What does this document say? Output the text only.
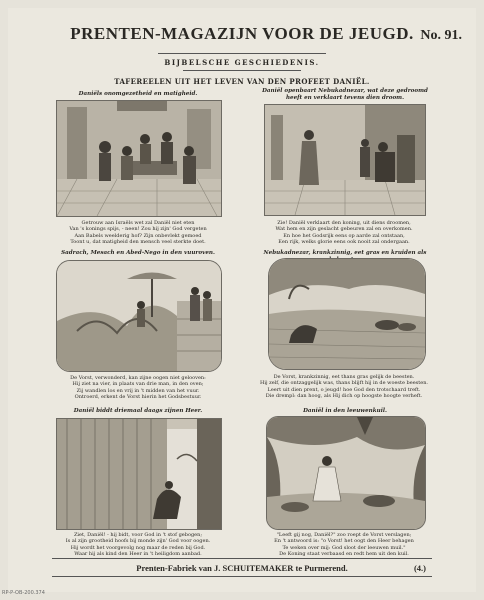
PRENTEN-MAGAZIJN VOOR DE JEUGD. No. 91.
BIJBELSCHE GESCHIEDENIS.
TAFEREELEN UIT HET LEVEN VAN DEN PROFEET DANIËL.
Daniëls onomgezetheid en matigheid.
Getrouw aan Israëls wet zal Daniël niet eten
Van 's konings spijs, - neen! Zou hij zijn' God vergeten
Aan Babels weelderig hof? Zijn onbevlekt gemoed
Toont u, dat matigheid den mensch veel sterkte doet.
Daniël openbaart Nebukadnezar, wat deze gedroomd heeft en verklaart tevens dien droom.
Zie! Daniël verklaart den koning, uit diens droomen,
Wat hem en zijn geslacht gebeuren zal en overkomen.
En hoe het Godsrijk eens op aarde zal ontstaan,
Een rijk, welks glorie eens ook nooit zal ondergaan.
Sadrach, Mesach en Abed-Nego in den vuuroven.
De Vorst, verwonderd, kan zijne oogen niet gelooven:
Hij ziet na vier, in plaats van drie man, in den oven;
Zij wandlen los en vrij in 't midden van het vuur.
Ontroerd, erkent de Vorst hierin het Godsbestuur.
Nebukadnezar, krankzinnig, eet gras en kruiden als
De Vorst, krankzinnig, eet thans gras gelijk de beesten.
Hij zelf, die ontzaggelijk was, thans blijft hij in de woeste beesten.
Leert uit dien prent, o jeugd! hoe God den trotschaard treft.
Die drempl: dan hoog, als Hij dich op hoogste hoogte verheft.
Daniël biddt driemaal daags zijnen Heer.
Ziet, Daniël! - hij bidt, voor God in 't stof gebogen;
Is al zijn grootheid hoofs bij monde zijn' God voor oogen.
Hij wordt het voorgevolg nog maar de reden bij God.
Waar hij als kind den Heer in 't heiligdom aanbad.
Daniël in den leeuwenkuil.
"Leeft gij nog, Daniël?" zoo roept de Vorst verslagen;
En 't antwoord is: "o Vorst! het oogt den Heer behagen
Te weken over mij: God sloot der leeuwen muil."
De Koning staat verbaasd en redt hem uit den kuil.
Prenten-Fabriek van J. SCHUITEMAKER te Purmerend.	(4.)
RP-P-OB-200.374
